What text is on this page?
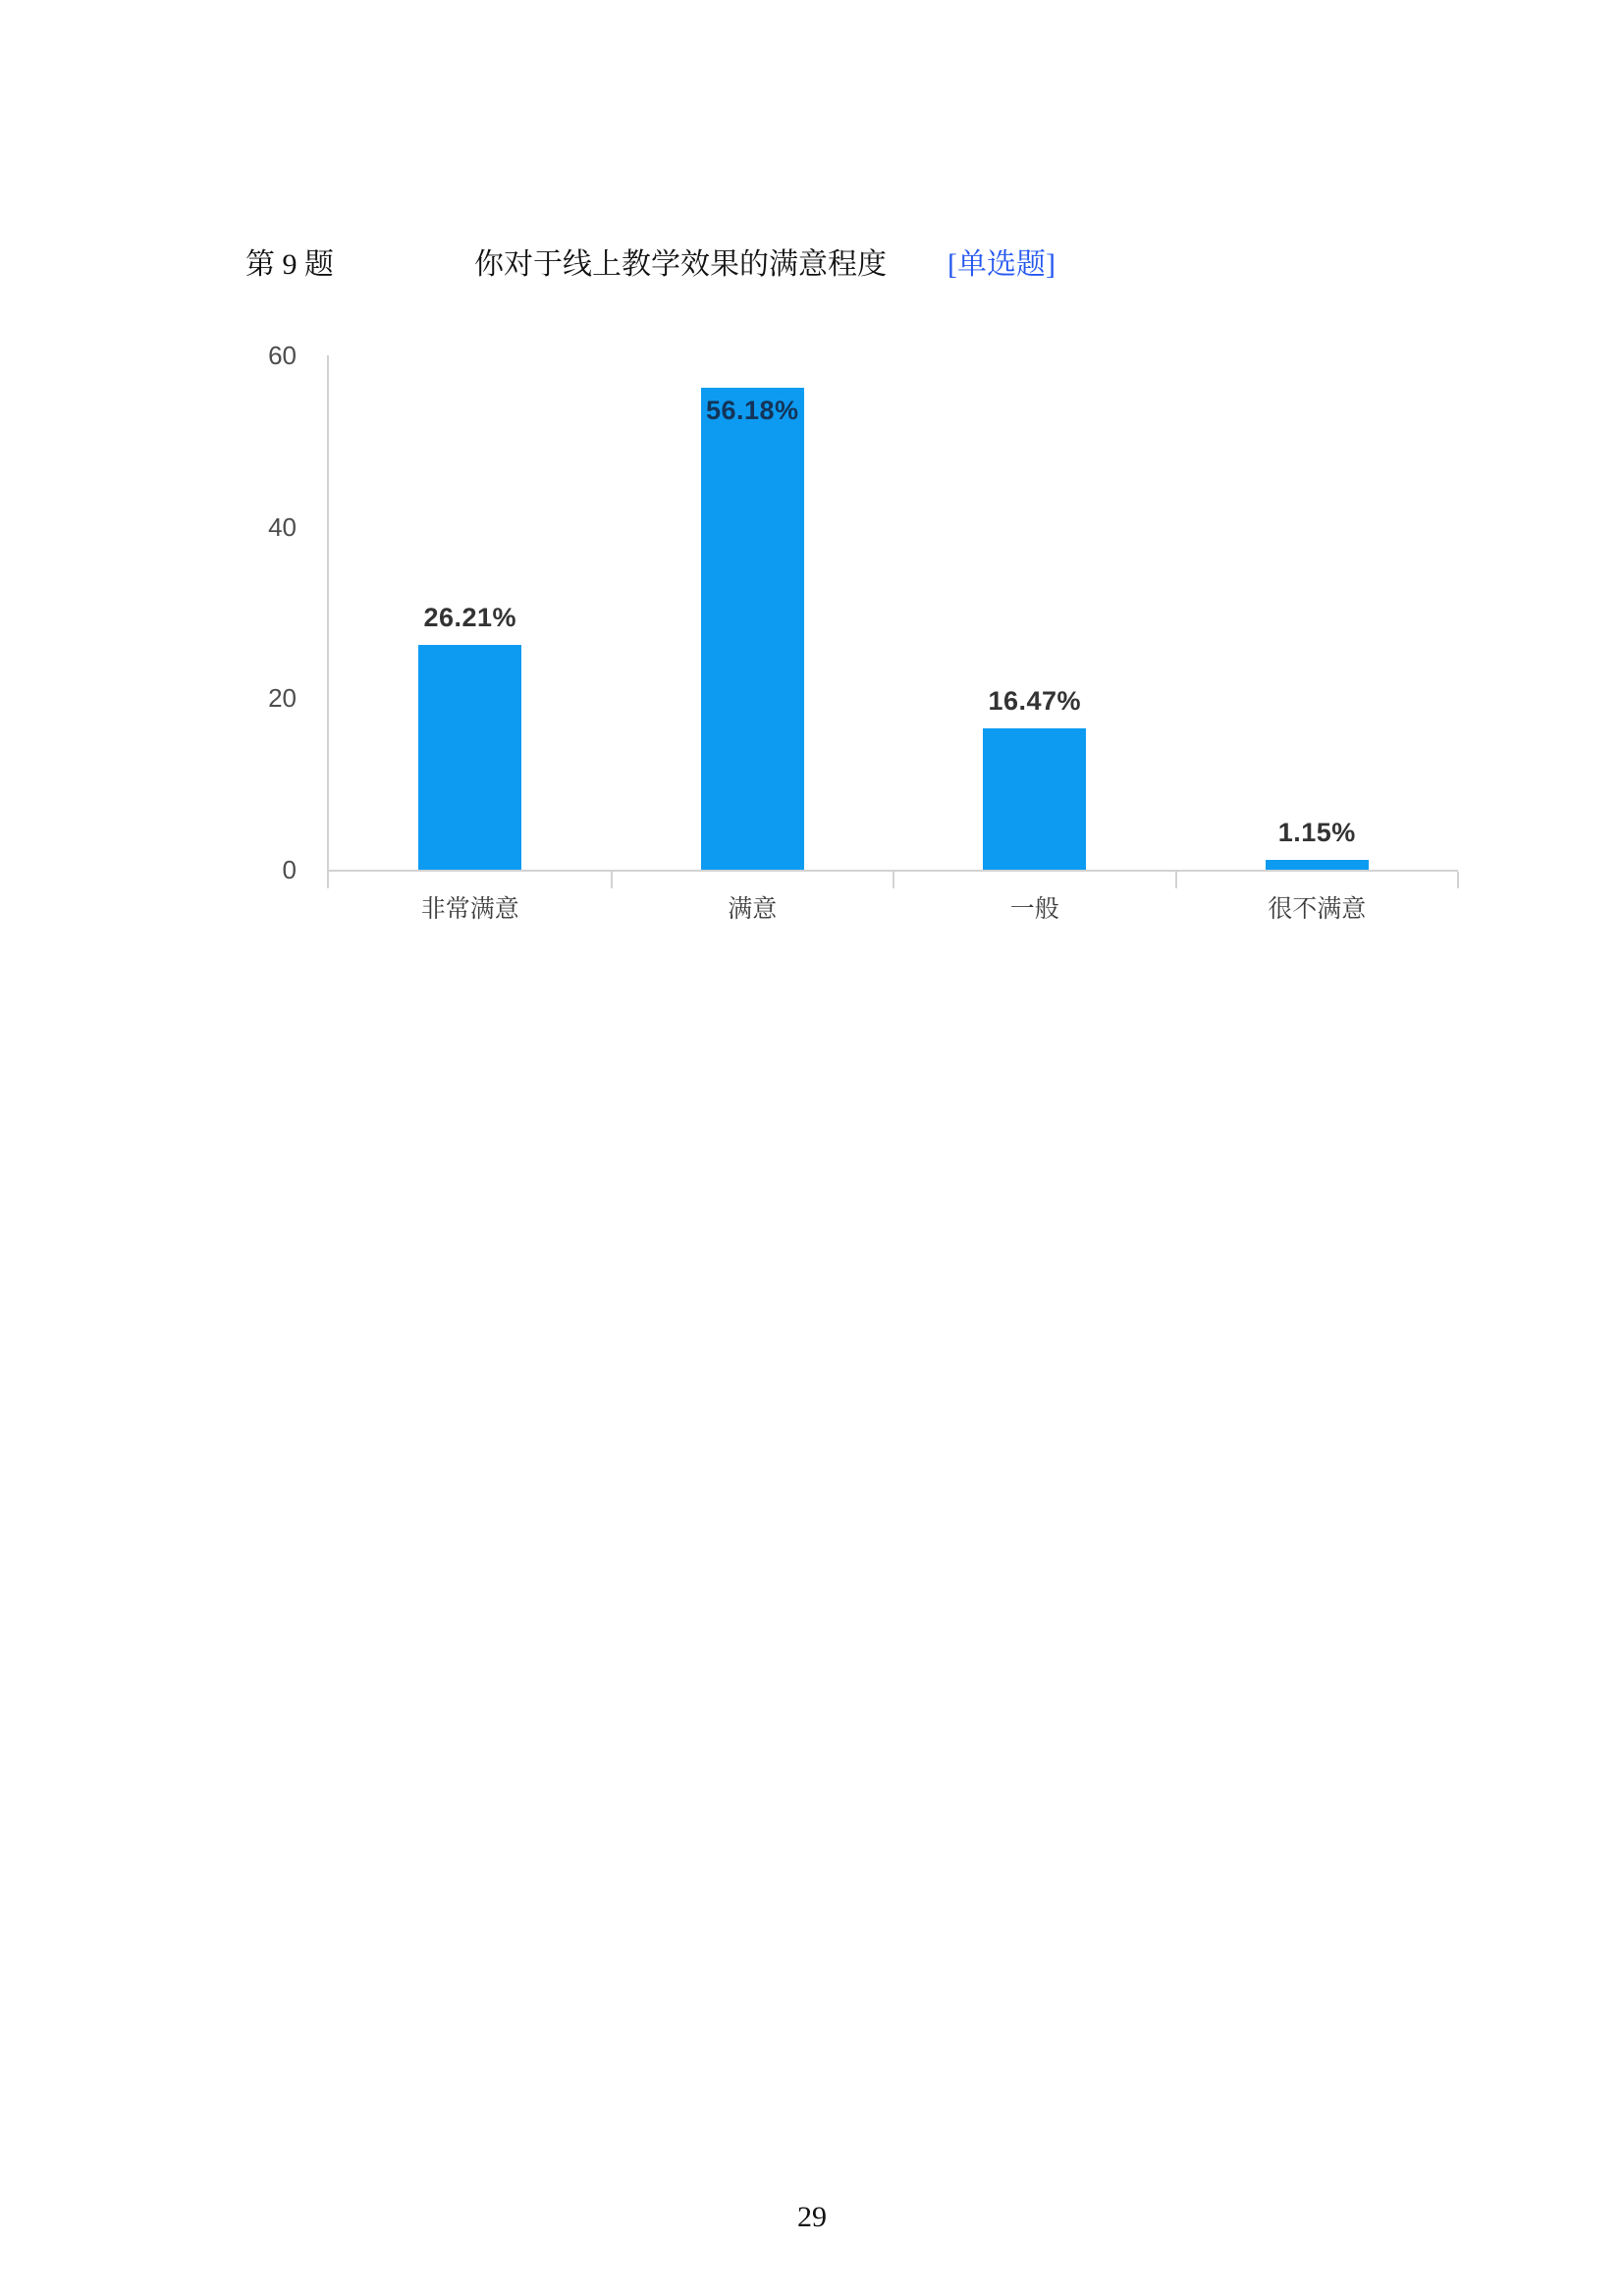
第 9 题	你对于线上教学效果的满意程度 [单选题]
0
20
40
60
26.21%
非常满意
56.18%
满意
16.47%
一般
1.15%
很不满意
29
